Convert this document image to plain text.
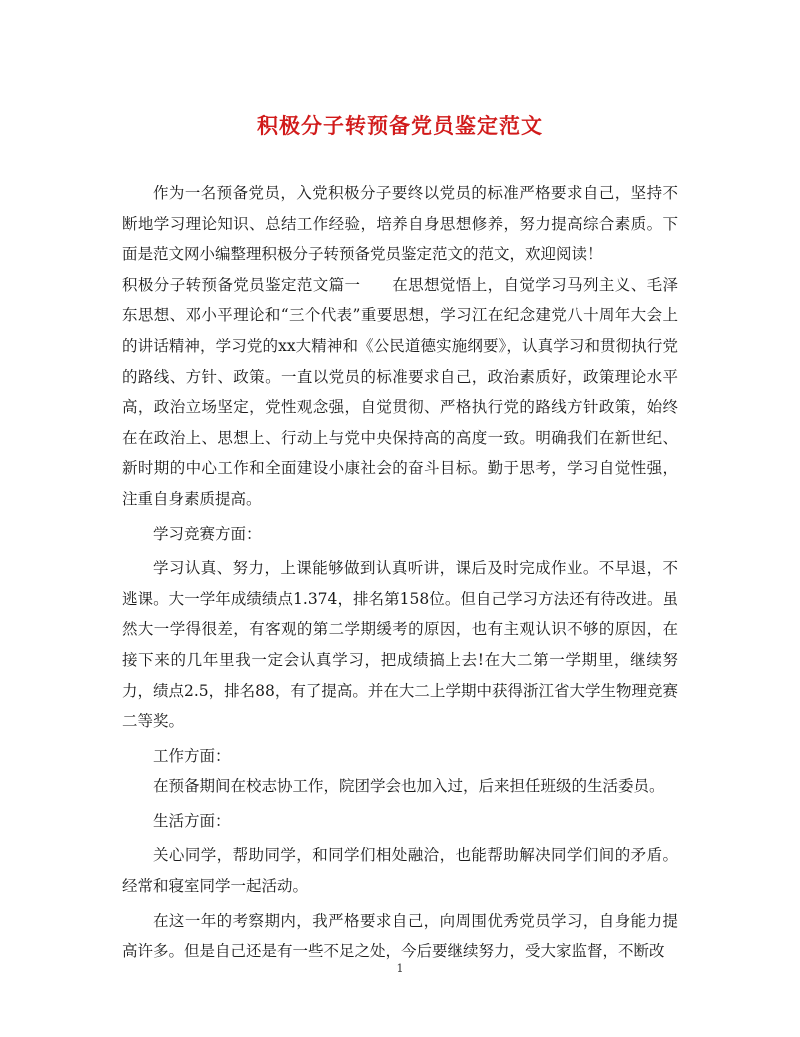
积极分子转预备党员鉴定范文

作为一名预备党员，入党积极分子要终以党员的标准严格要求自己，坚持不断地学习理论知识、总结工作经验，培养自身思想修养，努力提高综合素质。下面是范文网小编整理积极分子转预备党员鉴定范文的范文，欢迎阅读！

积极分子转预备党员鉴定范文篇一　　在思想觉悟上，自觉学习马列主义、毛泽东思想、邓小平理论和“三个代表”重要思想，学习江在纪念建党八十周年大会上的讲话精神，学习党的xx大精神和《公民道德实施纲要》，认真学习和贯彻执行党的路线、方针、政策。一直以党员的标准要求自己，政治素质好，政策理论水平高，政治立场坚定，党性观念强，自觉贯彻、严格执行党的路线方针政策，始终在在政治上、思想上、行动上与党中央保持高的高度一致。明确我们在新世纪、新时期的中心工作和全面建设小康社会的奋斗目标。勤于思考，学习自觉性强，注重自身素质提高。

学习竞赛方面：

学习认真、努力，上课能够做到认真听讲，课后及时完成作业。不早退，不逃课。大一学年成绩绩点1.374，排名第158位。但自己学习方法还有待改进。虽然大一学得很差，有客观的第二学期缓考的原因，也有主观认识不够的原因，在接下来的几年里我一定会认真学习，把成绩搞上去!在大二第一学期里，继续努力，绩点2.5，排名88，有了提高。并在大二上学期中获得浙江省大学生物理竞赛二等奖。

工作方面：

在预备期间在校志协工作，院团学会也加入过，后来担任班级的生活委员。

生活方面：

关心同学，帮助同学，和同学们相处融洽，也能帮助解决同学们间的矛盾。经常和寝室同学一起活动。

在这一年的考察期内，我严格要求自己，向周围优秀党员学习，自身能力提高许多。但是自己还是有一些不足之处，今后要继续努力，受大家监督，不断改

1
